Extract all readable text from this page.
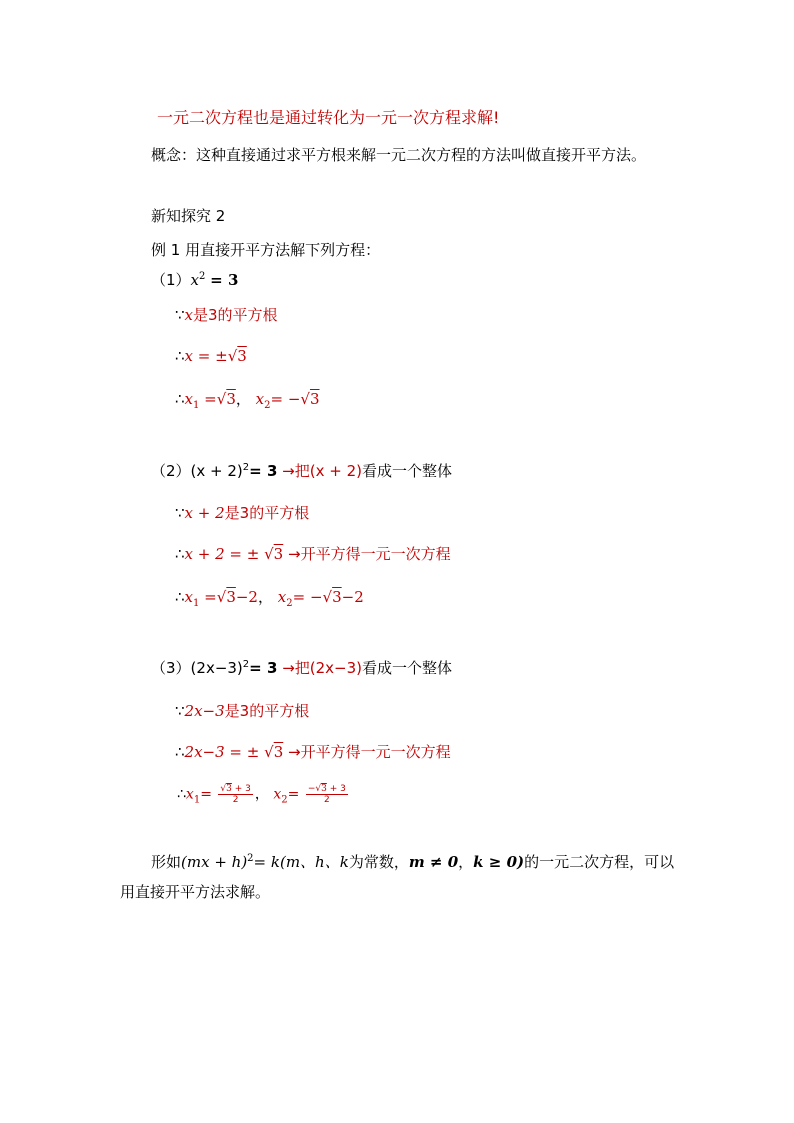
一元二次方程也是通过转化为一元一次方程求解!
概念：这种直接通过求平方根来解一元二次方程的方法叫做直接开平方法。
新知探究 2
例 1 用直接开平方法解下列方程：
$(1)x^2 = 3$
∵x是3的平方根
∴x = ±√3
$\therefore x_1 =√3$， $x_2= -√3$
$(2)(x + 2)^2= 3$ →把(x + 2)看成一个整体
∵x + 2是3的平方根
∴x + 2 = ± √3 →开平方得一元一次方程
$\therefore x_1 =√3-2$， $x_2= -√3-2$
$(3)(2x-3)^2= 3$ →把(2x−3)看成一个整体
∵2x−3是3的平方根
∴2x−3 = ± √3 →开平方得一元一次方程
$\therefore x_1= \frac{√3 + 3}{2}$ ， $x_2= \frac{-√3 + 3}{2}$
形如(mx + h)$^2$= k(m、h、k为常数，m ≠ 0，k ≥ 0)的一元二次方程，可以
用直接开平方法求解。
